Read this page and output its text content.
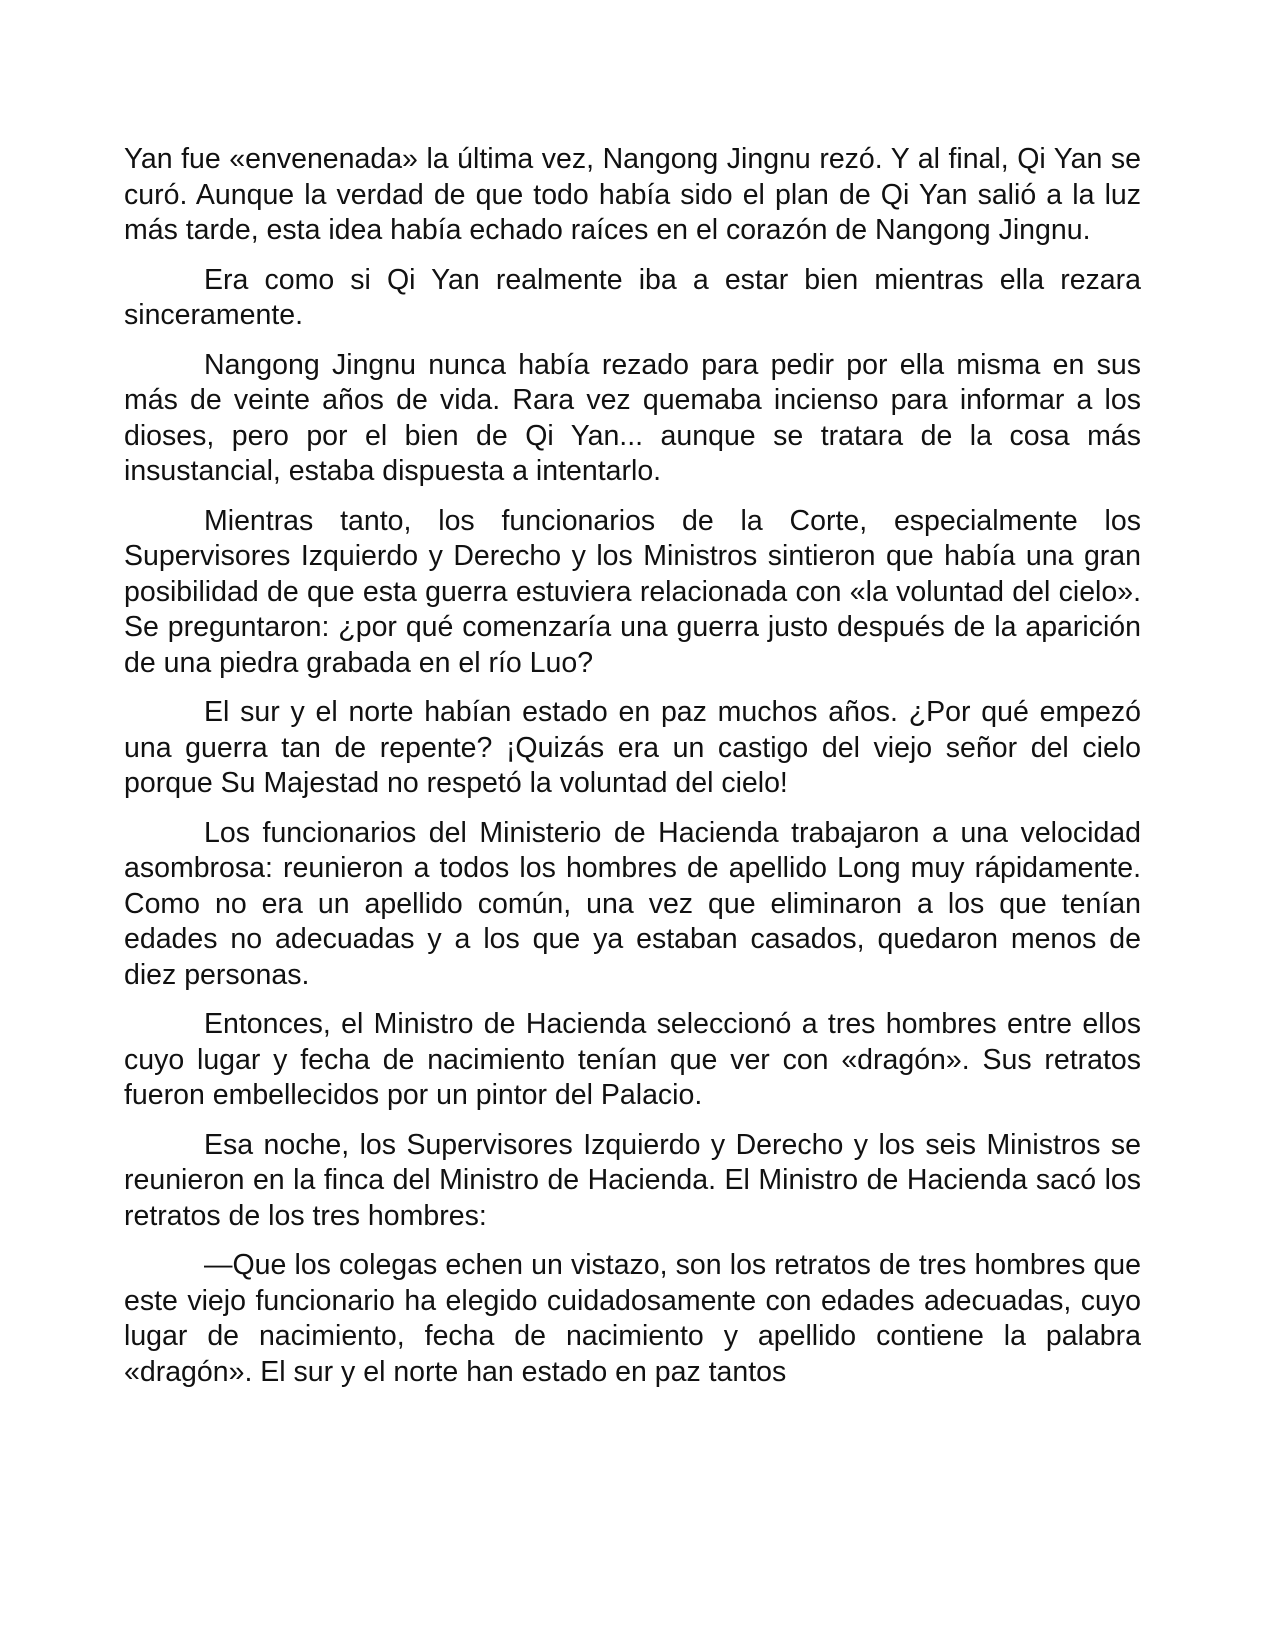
Yan fue «envenenada» la última vez, Nangong Jingnu rezó. Y al final, Qi Yan se curó. Aunque la verdad de que todo había sido el plan de Qi Yan salió a la luz más tarde, esta idea había echado raíces en el corazón de Nangong Jingnu.

Era como si Qi Yan realmente iba a estar bien mientras ella rezara sinceramente.

Nangong Jingnu nunca había rezado para pedir por ella misma en sus más de veinte años de vida. Rara vez quemaba incienso para informar a los dioses, pero por el bien de Qi Yan... aunque se tratara de la cosa más insustancial, estaba dispuesta a intentarlo.

Mientras tanto, los funcionarios de la Corte, especialmente los Supervisores Izquierdo y Derecho y los Ministros sintieron que había una gran posibilidad de que esta guerra estuviera relacionada con «la voluntad del cielo». Se preguntaron: ¿por qué comenzaría una guerra justo después de la aparición de una piedra grabada en el río Luo?

El sur y el norte habían estado en paz muchos años. ¿Por qué empezó una guerra tan de repente? ¡Quizás era un castigo del viejo señor del cielo porque Su Majestad no respetó la voluntad del cielo!

Los funcionarios del Ministerio de Hacienda trabajaron a una velocidad asombrosa: reunieron a todos los hombres de apellido Long muy rápidamente. Como no era un apellido común, una vez que eliminaron a los que tenían edades no adecuadas y a los que ya estaban casados, quedaron menos de diez personas.

Entonces, el Ministro de Hacienda seleccionó a tres hombres entre ellos cuyo lugar y fecha de nacimiento tenían que ver con «dragón». Sus retratos fueron embellecidos por un pintor del Palacio.

Esa noche, los Supervisores Izquierdo y Derecho y los seis Ministros se reunieron en la finca del Ministro de Hacienda. El Ministro de Hacienda sacó los retratos de los tres hombres:

—Que los colegas echen un vistazo, son los retratos de tres hombres que este viejo funcionario ha elegido cuidadosamente con edades adecuadas, cuyo lugar de nacimiento, fecha de nacimiento y apellido contiene la palabra «dragón». El sur y el norte han estado en paz tantos
